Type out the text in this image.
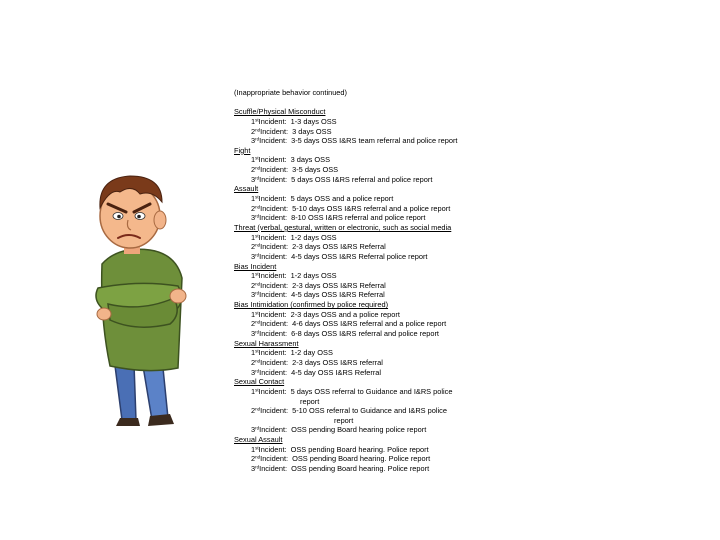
(Inappropriate behavior continued)
Scuffle/Physical Misconduct
1stIncident: 1-3 days OSS
2ndIncident: 3 days OSS
3rdIncident: 3-5 days OSS I&RS team referral and police report
Fight
1stIncident: 3 days OSS
2ndIncident: 3-5 days OSS
3rdIncident: 5 days OSS I&RS referral and police report
Assault
1stIncident: 5 days OSS and a police report
2ndIncident: 5-10 days OSS I&RS referral and a police report
3rdIncident: 8-10 OSS I&RS referral and police report
Threat (verbal, gestural, written or electronic, such as social media
1stIncident: 1-2 days OSS
2ndIncident: 2-3 days OSS I&RS Referral
3rdIncident: 4-5 days OSS I&RS Referral police report
Bias Incident
1stIncident: 1-2 days OSS
2ndIncident: 2-3 days OSS I&RS Referral
3rdIncident: 4-5 days OSS I&RS Referral
Bias Intimidation (confirmed by police required)
1stIncident: 2-3 days OSS and a police report
2ndIncident: 4-6 days OSS I&RS referral and a police report
3rdIncident: 6-8 days OSS I&RS referral and police report
Sexual Harassment
1stIncident: 1-2 day OSS
2ndIncident: 2-3 days OSS I&RS referral
3rdIncident: 4-5 day OSS I&RS Referral
Sexual Contact
1stIncident: 5 days OSS referral to Guidance and I&RS police
report
2ndIncident: 5-10 OSS referral to Guidance and I&RS police
report
3rdIncident: OSS pending Board hearing police report
Sexual Assault
1stIncident: OSS pending Board hearing. Police report
2ndIncident: OSS pending Board hearing. Police report
3rdIncident: OSS pending Board hearing. Police report
